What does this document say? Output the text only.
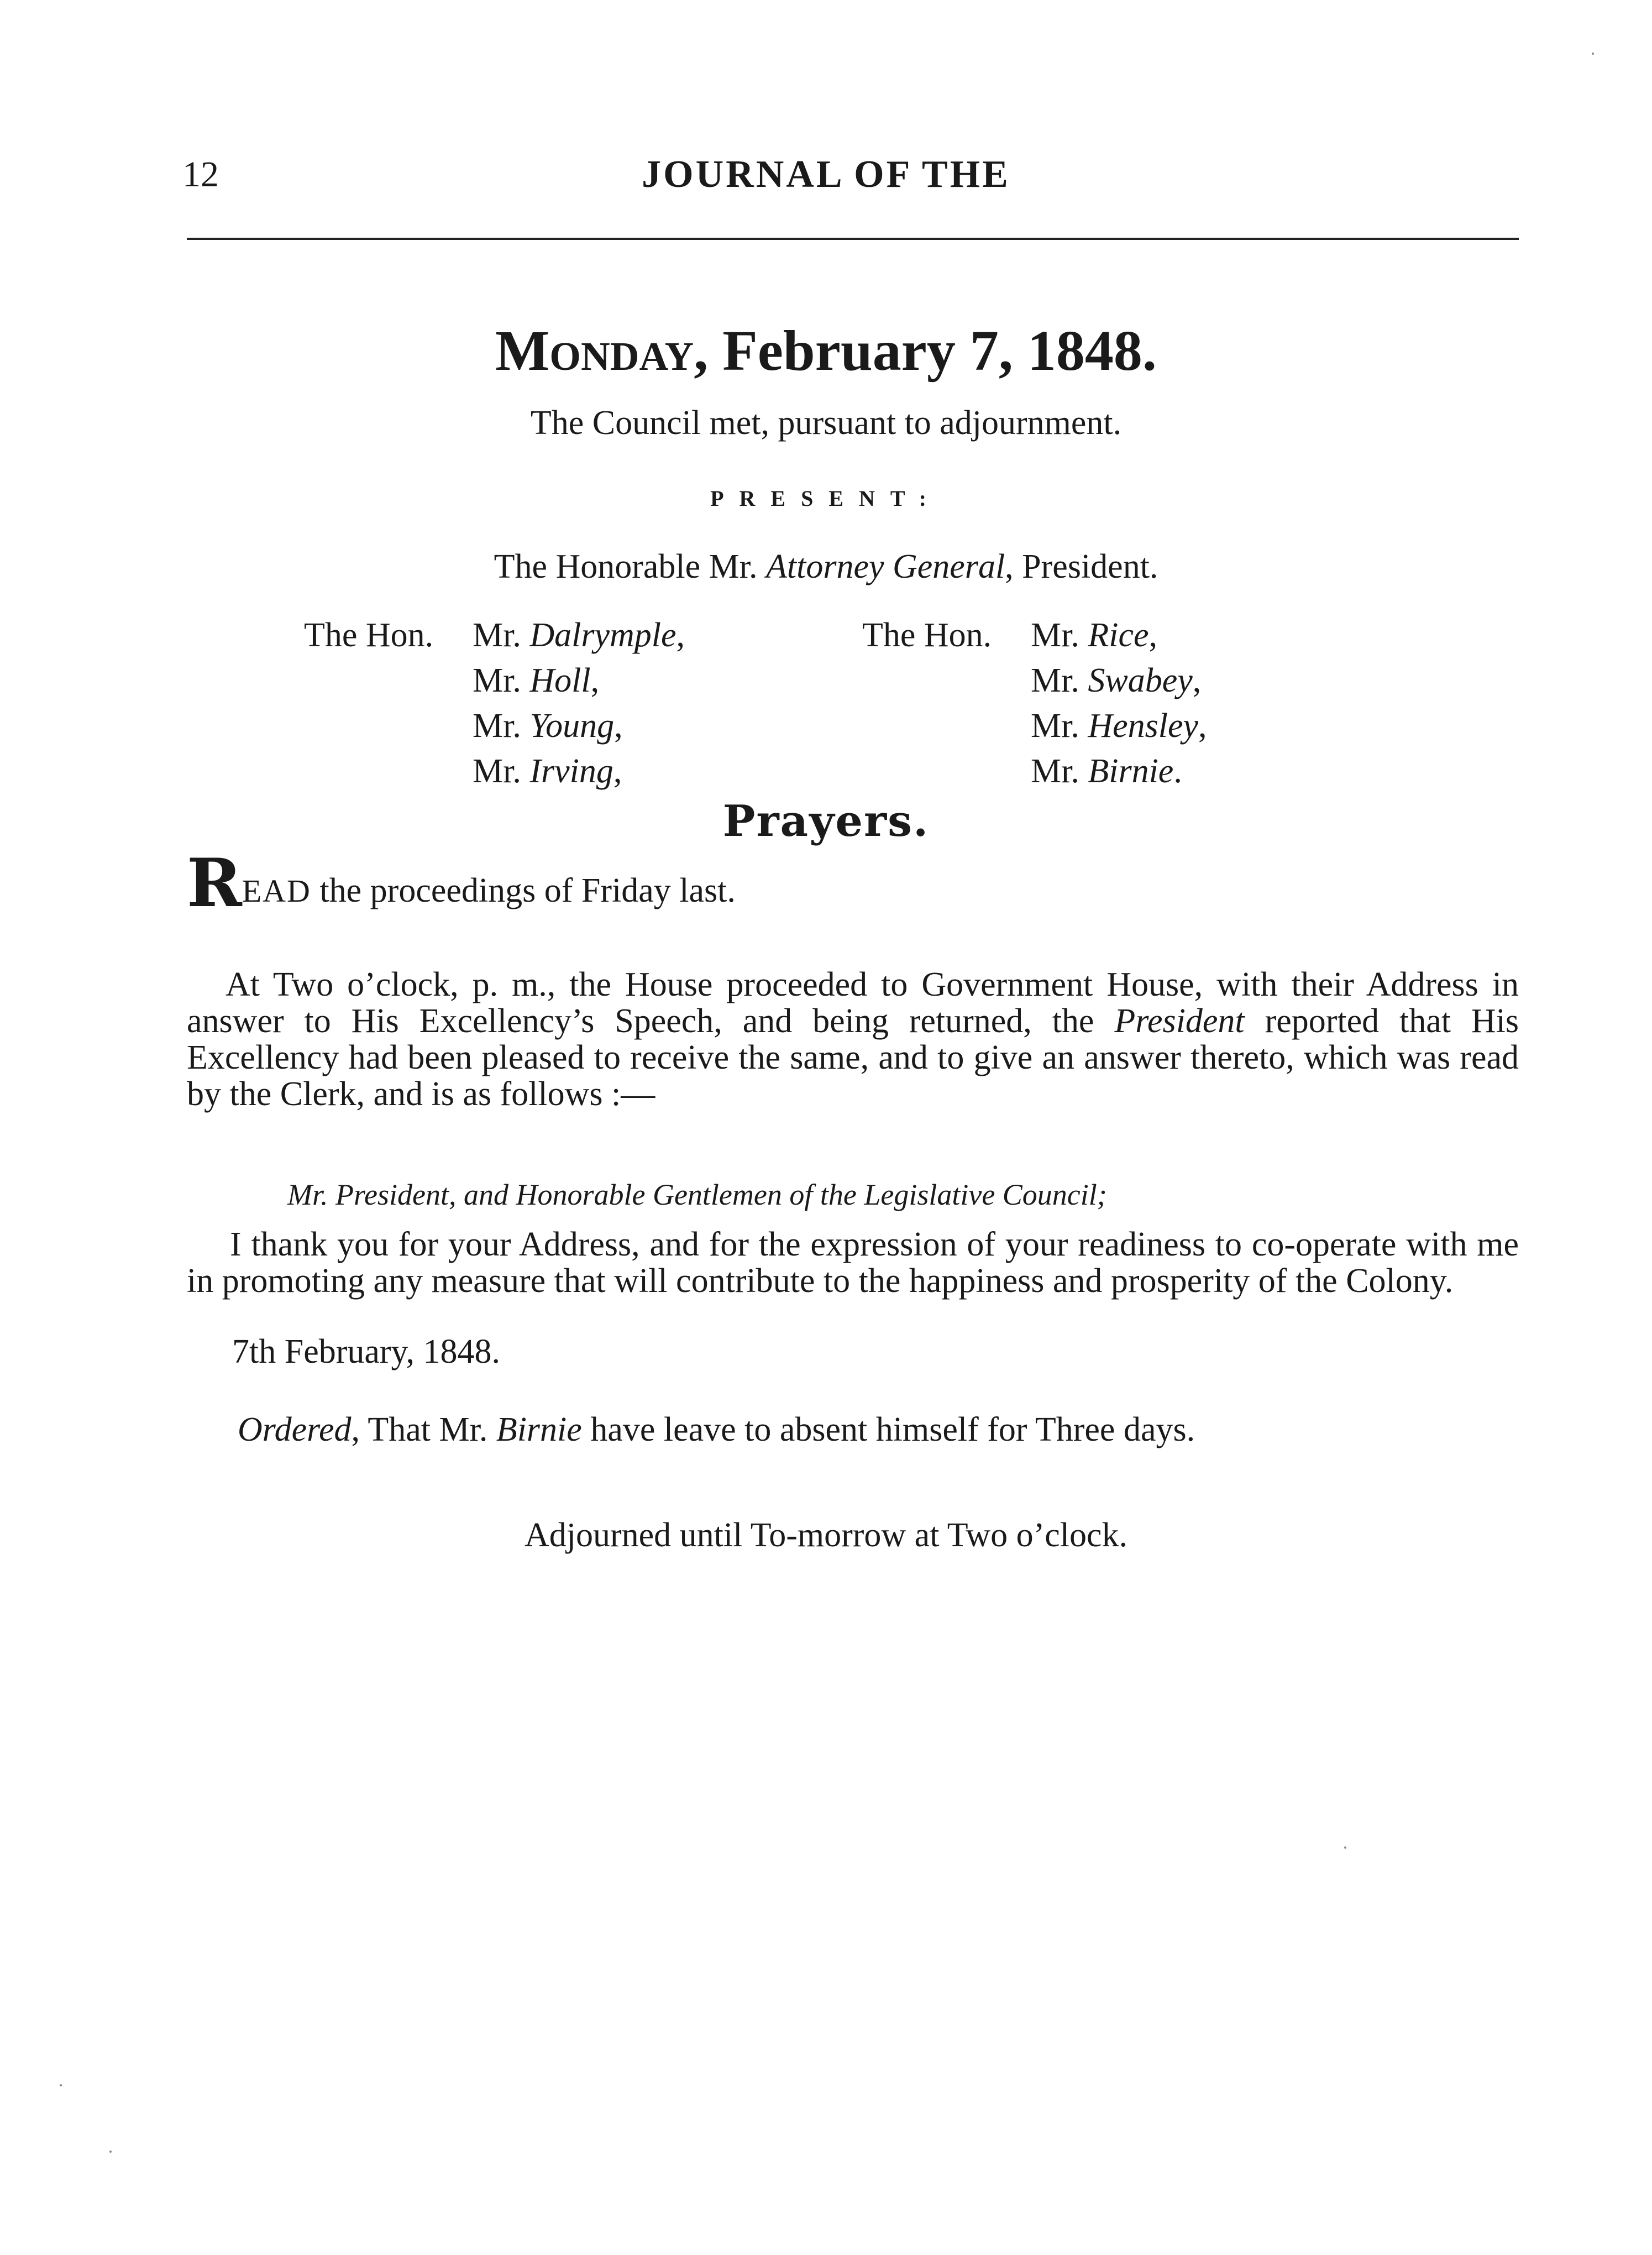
12	JOURNAL OF THE
Monday, February 7, 1848.
The Council met, pursuant to adjournment.
PRESENT:
The Honorable Mr. Attorney General, President.
The Hon. Mr. Dalrymple,
Mr. Holl,
Mr. Young,
Mr. Irving,
The Hon. Mr. Rice,
Mr. Swabey,
Mr. Hensley,
Mr. Birnie.
Prayers.
READ the proceedings of Friday last.
At Two o’clock, p. m., the House proceeded to Government House, with their Address in answer to His Excellency’s Speech, and being returned, the President reported that His Excellency had been pleased to receive the same, and to give an answer thereto, which was read by the Clerk, and is as follows :—
Mr. President, and Honorable Gentlemen of the Legislative Council;
I thank you for your Address, and for the expression of your readiness to co-operate with me in promoting any measure that will contribute to the happiness and prosperity of the Colony.
7th February, 1848.
Ordered, That Mr. Birnie have leave to absent himself for Three days.
Adjourned until To-morrow at Two o’clock.
